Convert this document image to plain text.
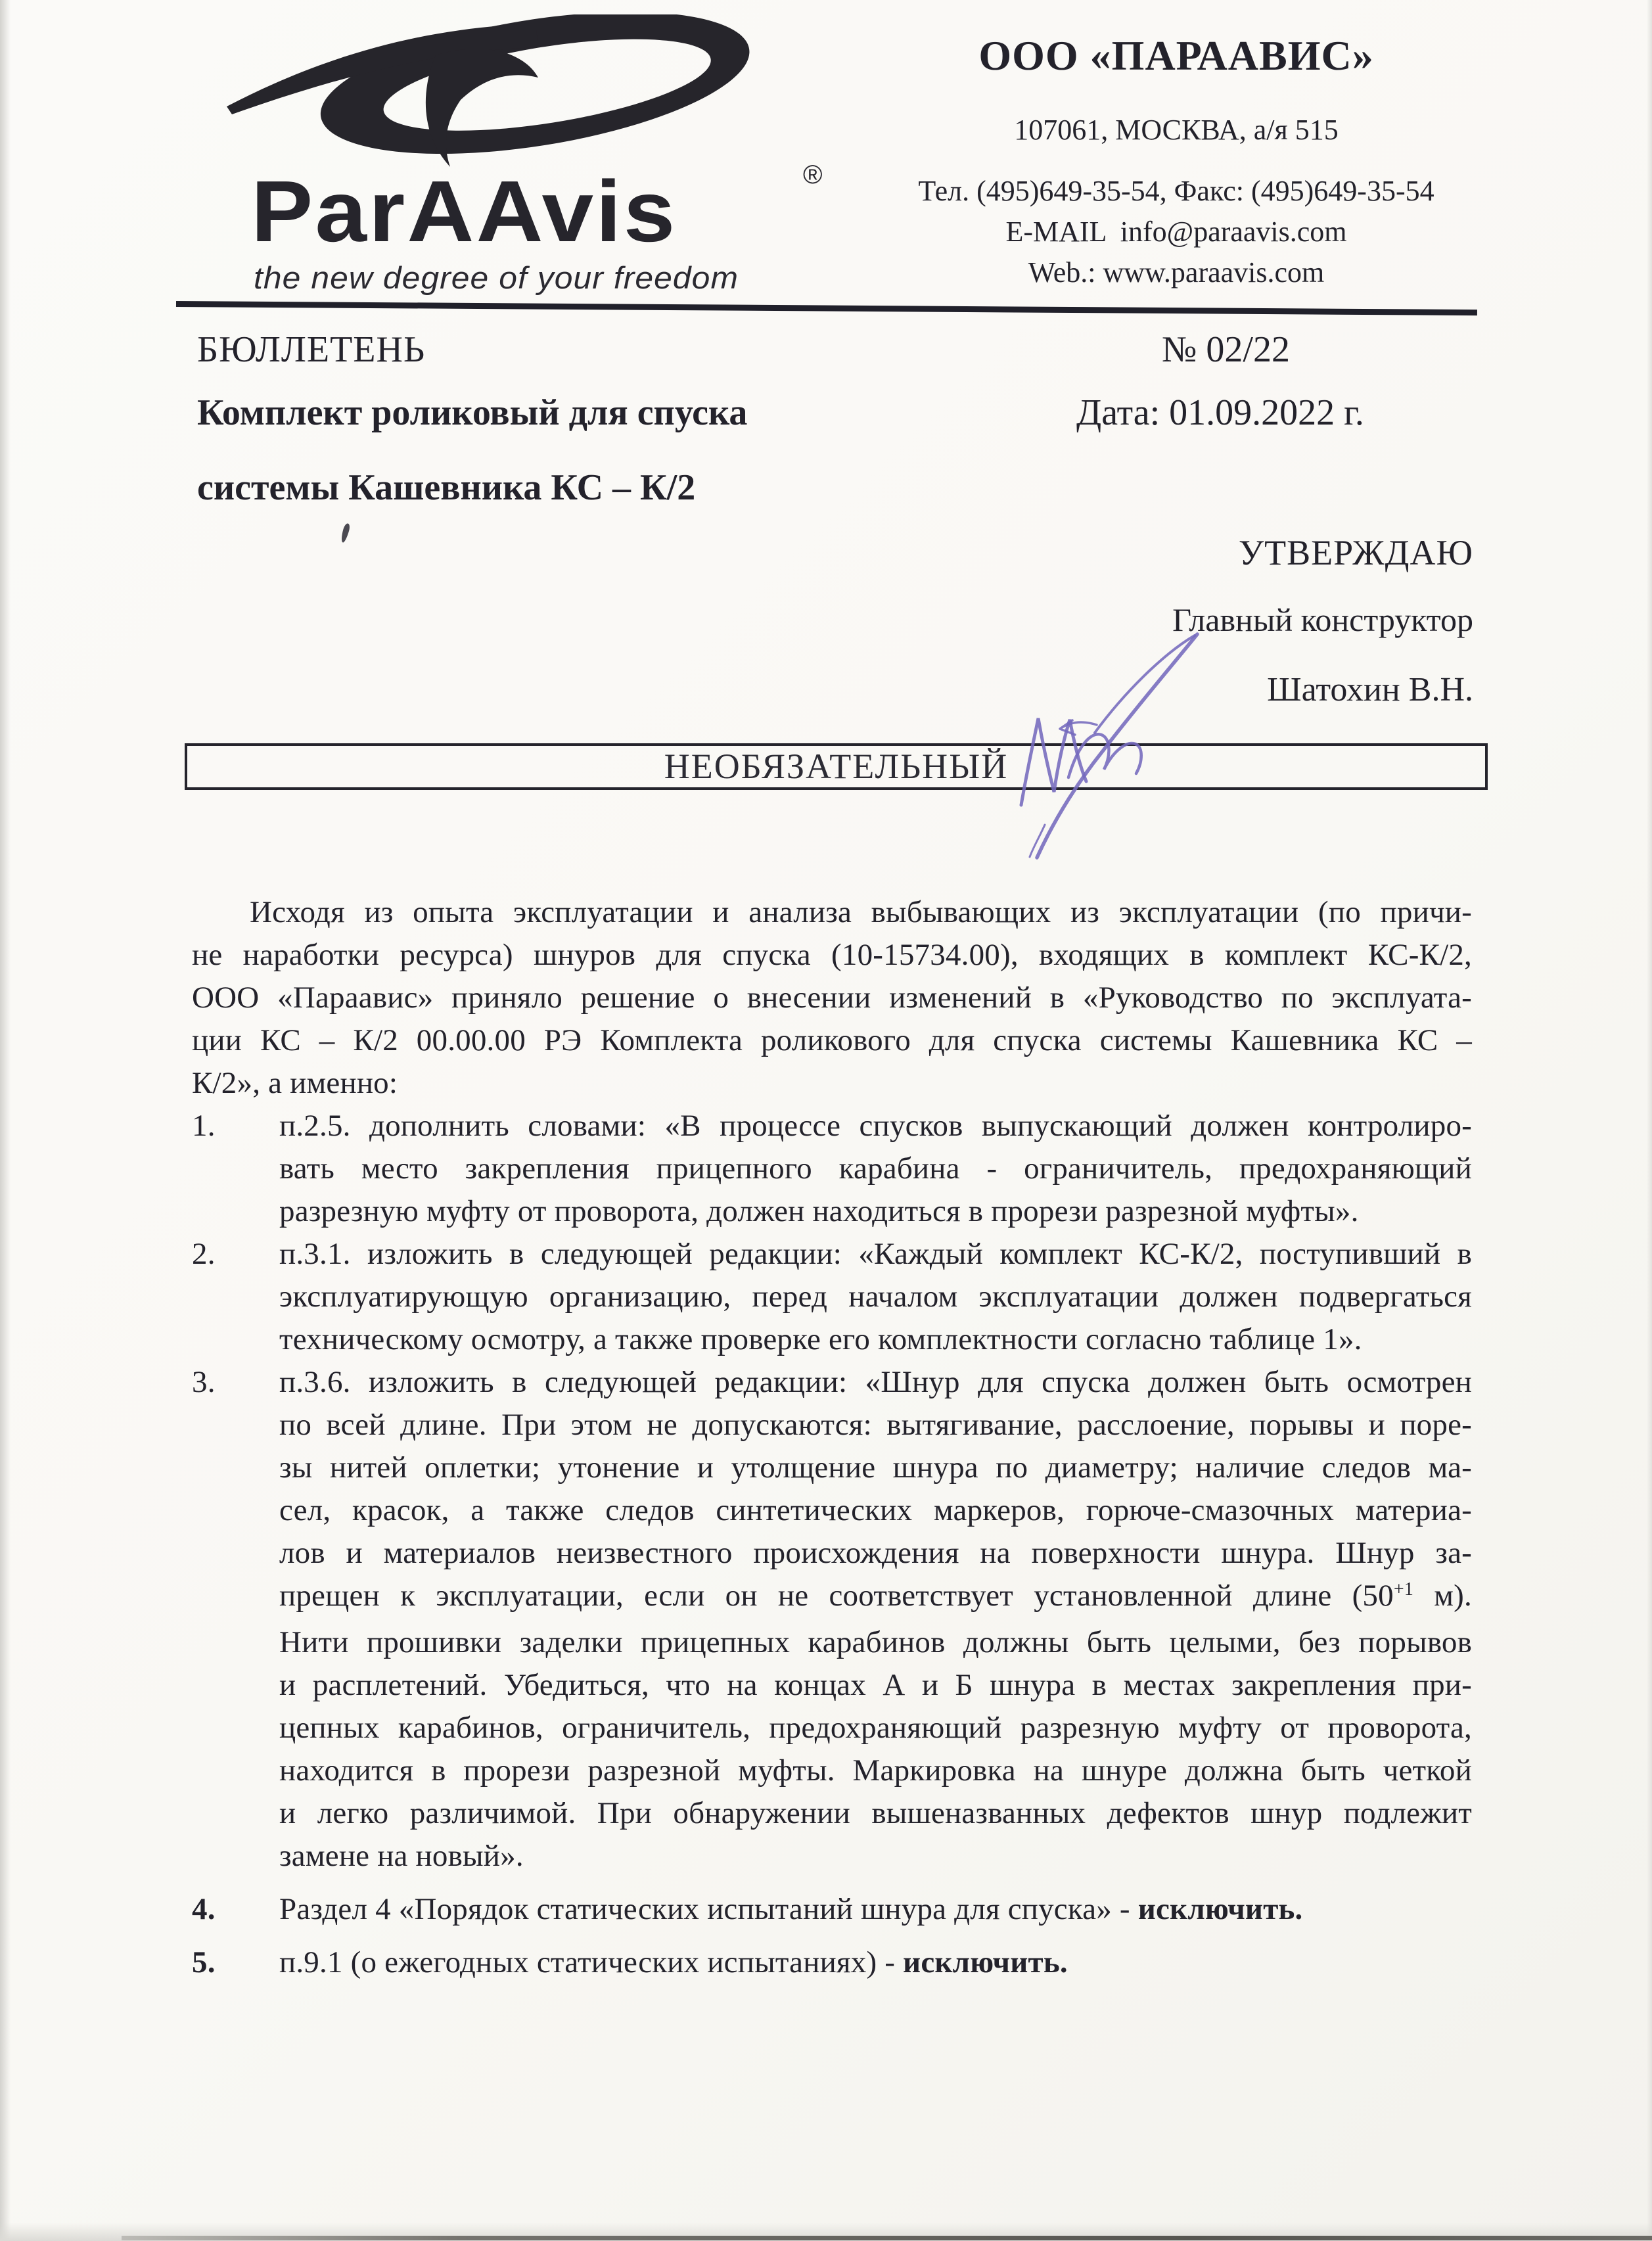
ParAAvis	®
the new degree of your freedom
ООО «ПАРААВИС»
107061, МОСКВА, а/я 515
Тел. (495)649-35-54, Факс: (495)649-35-54
E-MAIL  info@paraavis.com
Web.: www.paraavis.com
БЮЛЛЕТЕНЬ	№ 02/22
Комплект роликовый для спуска	Дата: 01.09.2022 г.
системы Кашевника КС – К/2
УТВЕРЖДАЮ
Главный конструктор
Шатохин В.Н.
НЕОБЯЗАТЕЛЬНЫЙ
Исходя из опыта эксплуатации и анализа выбывающих из эксплуатации (по причи-
не наработки ресурса) шнуров для спуска (10-15734.00), входящих в комплект КС-К/2,
ООО «Параавис» приняло решение о внесении изменений в «Руководство по эксплуата-
ции КС – К/2 00.00.00 РЭ Комплекта роликового для спуска системы Кашевника КС –
К/2», а именно:
1.	п.2.5. дополнить словами: «В процессе спусков выпускающий должен контролиро-
вать место закрепления прицепного карабина - ограничитель, предохраняющий
разрезную муфту от проворота, должен находиться в прорези разрезной муфты».
2.	п.3.1. изложить в следующей редакции: «Каждый комплект КС-К/2, поступивший в
эксплуатирующую организацию, перед началом эксплуатации должен подвергаться
техническому осмотру, а также проверке его комплектности согласно таблице 1».
3.	п.3.6. изложить в следующей редакции: «Шнур для спуска должен быть осмотрен
по всей длине. При этом не допускаются: вытягивание, расслоение, порывы и поре-
зы нитей оплетки; утонение и утолщение шнура по диаметру; наличие следов ма-
сел, красок, а также следов синтетических маркеров, горюче-смазочных материа-
лов и материалов неизвестного происхождения на поверхности шнура. Шнур за-
прещен к эксплуатации, если он не соответствует установленной длине ($50^{+1}$ м).
Нити прошивки заделки прицепных карабинов должны быть целыми, без порывов
и расплетений. Убедиться, что на концах А и Б шнура в местах закрепления при-
цепных карабинов, ограничитель, предохраняющий разрезную муфту от проворота,
находится в прорези разрезной муфты. Маркировка на шнуре должна быть четкой
и легко различимой. При обнаружении вышеназванных дефектов шнур подлежит
замене на новый».
4.	Раздел 4 «Порядок статических испытаний шнура для спуска» - исключить.
5.	п.9.1 (о ежегодных статических испытаниях) - исключить.
